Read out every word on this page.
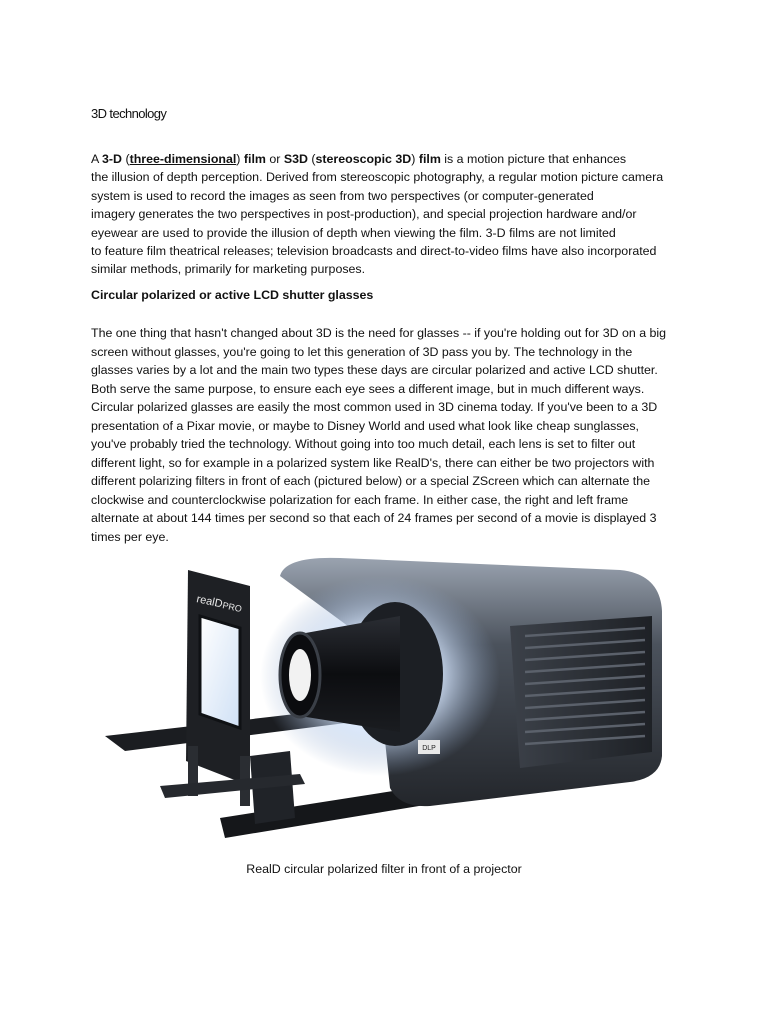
3D technology

A 3-D (three-dimensional) film or S3D (stereoscopic 3D) film is a motion picture that enhances
the illusion of depth perception. Derived from stereoscopic photography, a regular motion picture camera
system is used to record the images as seen from two perspectives (or computer-generated
imagery generates the two perspectives in post-production), and special projection hardware and/or
eyewear are used to provide the illusion of depth when viewing the film. 3-D films are not limited
to feature film theatrical releases; television broadcasts and direct-to-video films have also incorporated
similar methods, primarily for marketing purposes.

Circular polarized or active LCD shutter glasses

The one thing that hasn't changed about 3D is the need for glasses -- if you're holding out for 3D on a big
screen without glasses, you're going to let this generation of 3D pass you by. The technology in the
glasses varies by a lot and the main two types these days are circular polarized and active LCD shutter.
Both serve the same purpose, to ensure each eye sees a different image, but in much different ways.
Circular polarized glasses are easily the most common used in 3D cinema today. If you've been to a 3D
presentation of a Pixar movie, or maybe to Disney World and used what look like cheap sunglasses,
you've probably tried the technology. Without going into too much detail, each lens is set to filter out
different light, so for example in a polarized system like RealD's, there can either be two projectors with
different polarizing filters in front of each (pictured below) or a special ZScreen which can alternate the
clockwise and counterclockwise polarization for each frame. In either case, the right and left frame
alternate at about 144 times per second so that each of 24 frames per second of a movie is displayed 3
times per eye.

DLP
realD
PRO

RealD circular polarized filter in front of a projector
